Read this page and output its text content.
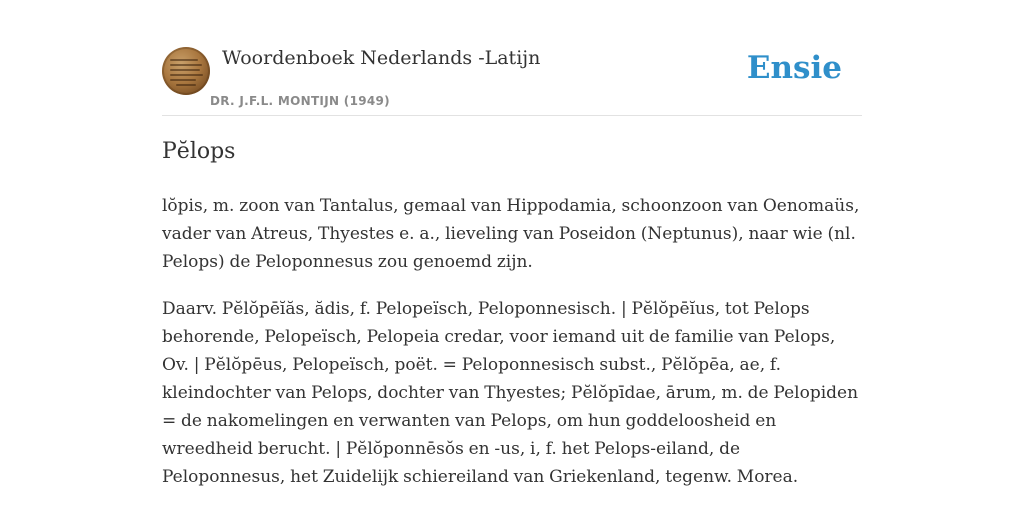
Woordenboek Nederlands -Latijn
DR. J.F.L. MONTIJN (1949)
Ensie
Pĕlops

lŏpis, m. zoon van Tantalus, gemaal van Hippodamia, schoonzoon van Oenomaüs, vader van Atreus, Thyestes e. a., lieveling van Poseidon (Neptunus), naar wie (nl. Pelops) de Peloponnesus zou genoemd zijn.

Daarv. Pĕlŏpēĭăs, ădis, f. Pelopeïsch, Peloponnesisch. | Pĕlŏpēĭus, tot Pelops behorende, Pelopeïsch, Pelopeia credar, voor iemand uit de familie van Pelops, Ov. | Pĕlŏpēus, Pelopeïsch, poët. = Peloponnesisch subst., Pĕlŏpēa, ae, f. kleindochter van Pelops, dochter van Thyestes; Pĕlŏpīdae, ārum, m. de Pelopiden = de nakomelingen en verwanten van Pelops, om hun goddeloosheid en wreedheid berucht. | Pĕlŏponnēsŏs en -us, i, f. het Pelops-eiland, de Peloponnesus, het Zuidelijk schiereiland van Griekenland, tegenw. Morea.
